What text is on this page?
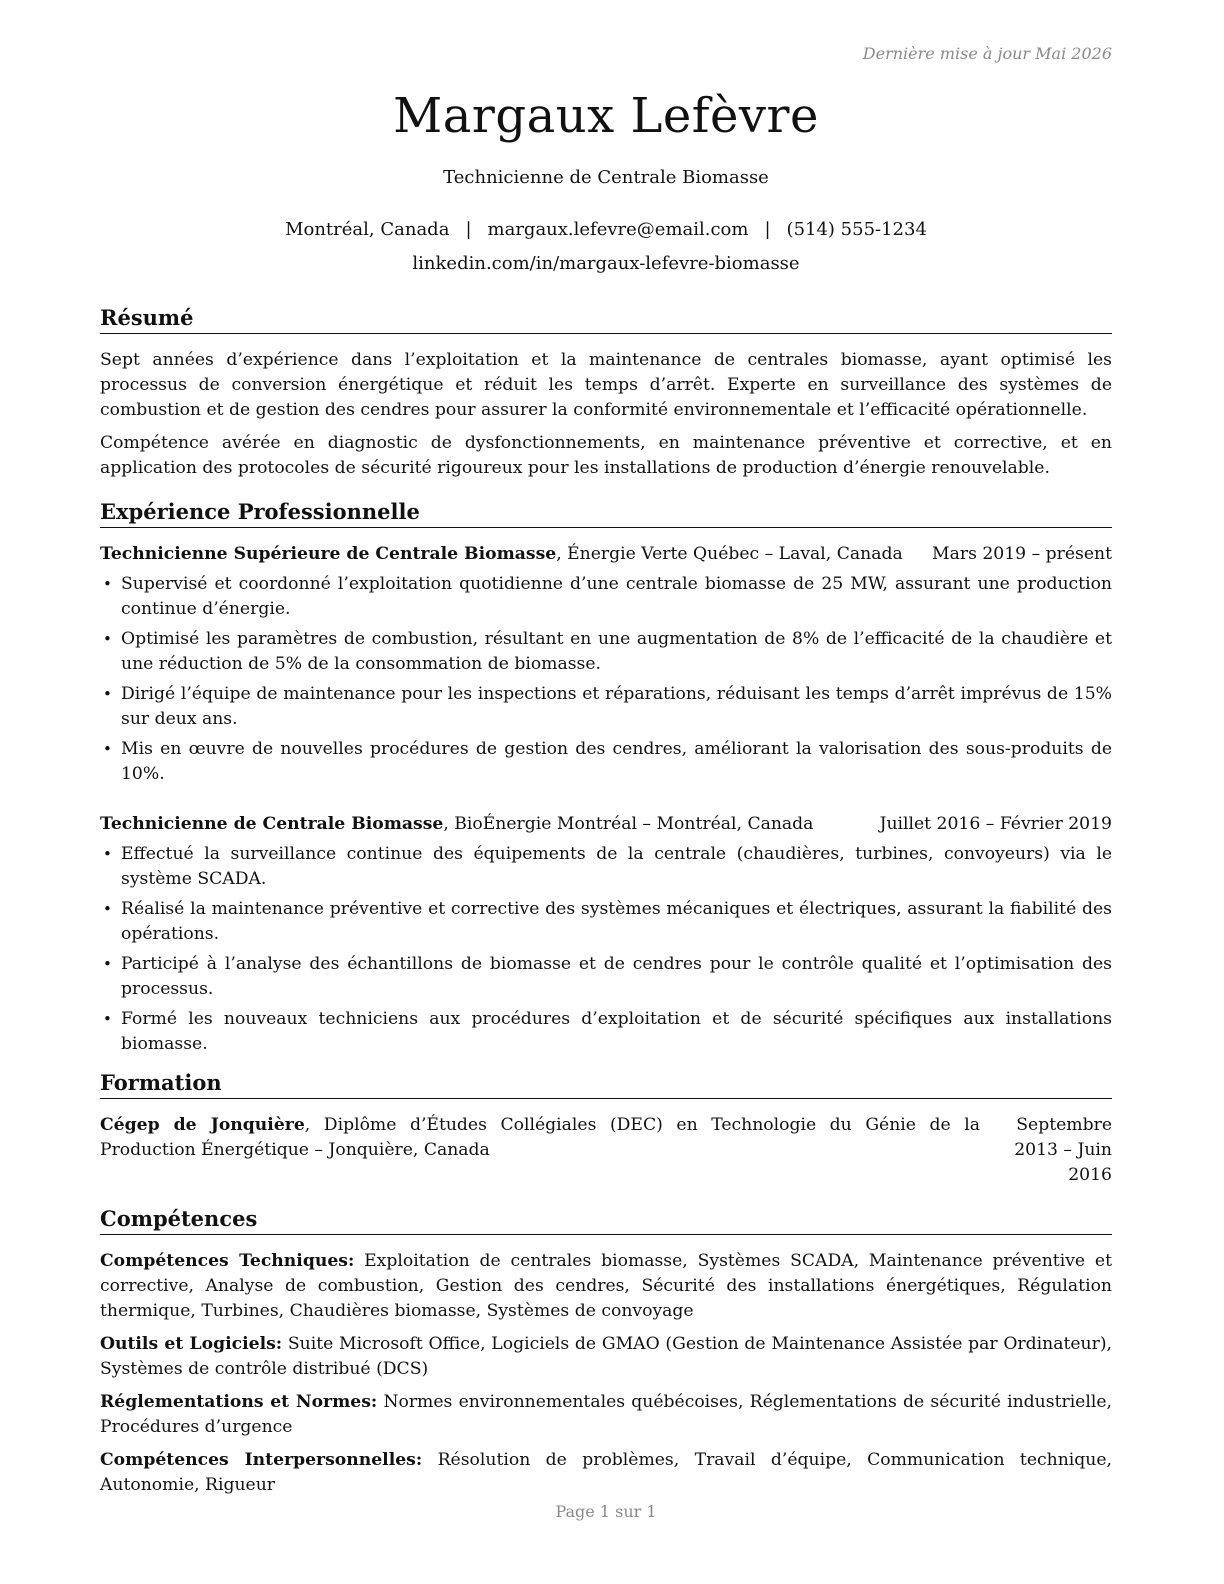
Dernière mise à jour Mai 2026
Margaux Lefèvre
Technicienne de Centrale Biomasse
Montréal, Canada | margaux.lefevre@email.com | (514) 555-1234
linkedin.com/in/margaux-lefevre-biomasse
Résumé

Sept années d’expérience dans l’exploitation et la maintenance de centrales biomasse, ayant optimisé les processus de conversion énergétique et réduit les temps d’arrêt. Experte en surveillance des systèmes de combustion et de gestion des cendres pour assurer la conformité environnementale et l’efficacité opérationnelle.

Compétence avérée en diagnostic de dysfonctionnements, en maintenance préventive et corrective, et en application des protocoles de sécurité rigoureux pour les installations de production d’énergie renouvelable.

Expérience Professionnelle
Technicienne Supérieure de Centrale Biomasse, Énergie Verte Québec – Laval, Canada Mars 2019 – présent
• Supervisé et coordonné l’exploitation quotidienne d’une centrale biomasse de 25 MW, assurant une production continue d’énergie.
• Optimisé les paramètres de combustion, résultant en une augmentation de 8% de l’efficacité de la chaudière et une réduction de 5% de la consommation de biomasse.
• Dirigé l’équipe de maintenance pour les inspections et réparations, réduisant les temps d’arrêt imprévus de 15% sur deux ans.
• Mis en œuvre de nouvelles procédures de gestion des cendres, améliorant la valorisation des sous-produits de 10%.
Technicienne de Centrale Biomasse, BioÉnergie Montréal – Montréal, Canada	Juillet 2016 – Février 2019
• Effectué la surveillance continue des équipements de la centrale (chaudières, turbines, convoyeurs) via le système SCADA.
• Réalisé la maintenance préventive et corrective des systèmes mécaniques et électriques, assurant la fiabilité des opérations.
• Participé à l’analyse des échantillons de biomasse et de cendres pour le contrôle qualité et l’optimisation des processus.
• Formé les nouveaux techniciens aux procédures d’exploitation et de sécurité spécifiques aux installations biomasse.
Formation
Cégep de Jonquière, Diplôme d’Études Collégiales (DEC) en Technologie du Génie de la Production Énergétique – Jonquière, Canada
Septembre 2013 – Juin 2016
Compétences

Compétences Techniques: Exploitation de centrales biomasse, Systèmes SCADA, Maintenance préventive et corrective, Analyse de combustion, Gestion des cendres, Sécurité des installations énergétiques, Régulation thermique, Turbines, Chaudières biomasse, Systèmes de convoyage

Outils et Logiciels: Suite Microsoft Office, Logiciels de GMAO (Gestion de Maintenance Assistée par Ordinateur), Systèmes de contrôle distribué (DCS)

Réglementations et Normes: Normes environnementales québécoises, Réglementations de sécurité industrielle, Procédures d’urgence

Compétences Interpersonnelles: Résolution de problèmes, Travail d’équipe, Communication technique, Autonomie, Rigueur

Page 1 sur 1
